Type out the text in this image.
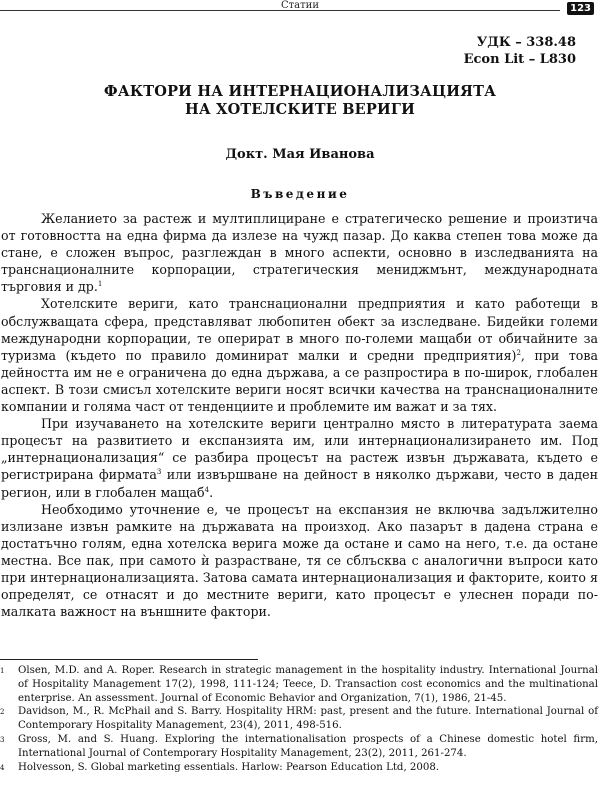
Статии	123
УДК – 338.48
Econ Lit – L830
ФАКТОРИ НА ИНТЕРНАЦИОНАЛИЗАЦИЯТА
НА ХОТЕЛСКИТЕ ВЕРИГИ
Докт. Мая Иванова
Въведение

Желанието за растеж и мултиплициране е стратегическо решение и произтича от готовността на една фирма да излезе на чужд пазар. До каква степен това може да стане, е сложен въпрос, разглеждан в много аспекти, основно в изследванията на транснационалните корпорации, стратегическия мениджмънт, международната търговия и др.$^1$

Хотелските вериги, като транснационални предприятия и като работещи в обслужващата сфера, представляват любопитен обект за изследване. Бидейки големи международни корпорации, те оперират в много по-големи мащаби от обичайните за туризма (където по правило доминират малки и средни предприятия)$^2$, при това дейността им не е ограничена до една държава, а се разпростира в по-широк, глобален аспект. В този смисъл хотелските вериги носят всички качества на транснационалните компании и голяма част от тенденциите и проблемите им важат и за тях.

При изучаването на хотелските вериги централно място в литературата заема процесът на развитието и експанзията им, или интернационализирането им. Под „интернационализация“ се разбира процесът на растеж извън държавата, където е регистрирана фирмата$^3$ или извършване на дейност в няколко държави, често в даден регион, или в глобален мащаб$^4$.

Необходимо уточнение е, че процесът на експанзия не включва задължително излизане извън рамките на държавата на произход. Ако пазарът в дадена страна е достатъчно голям, една хотелска верига може да остане и само на него, т.е. да остане местна. Все пак, при самото ѝ разрастване, тя се сблъсква с аналогични въпроси като при интернационализацията. Затова самата интернационализация и факторите, които я определят, се отнасят и до местните вериги, като процесът е улеснен поради по-малката важност на външните фактори.

1	Olsen, M.D. and A. Roper. Research in strategic management in the hospitality industry. International Journal of Hospitality Management 17(2), 1998, 111-124; Teece, D. Transaction cost economics and the multinational enterprise. An assessment. Journal of Economic Behavior and Organization, 7(1), 1986, 21-45.
2	Davidson, M., R. McPhail and S. Barry. Hospitality HRM: past, present and the future. International Journal of Contemporary Hospitality Management, 23(4), 2011, 498-516.
3	Gross, M. and S. Huang. Exploring the internationalisation prospects of a Chinese domestic hotel firm, International Journal of Contemporary Hospitality Management, 23(2), 2011, 261-274.
4	Holvesson, S. Global marketing essentials. Harlow: Pearson Education Ltd, 2008.
